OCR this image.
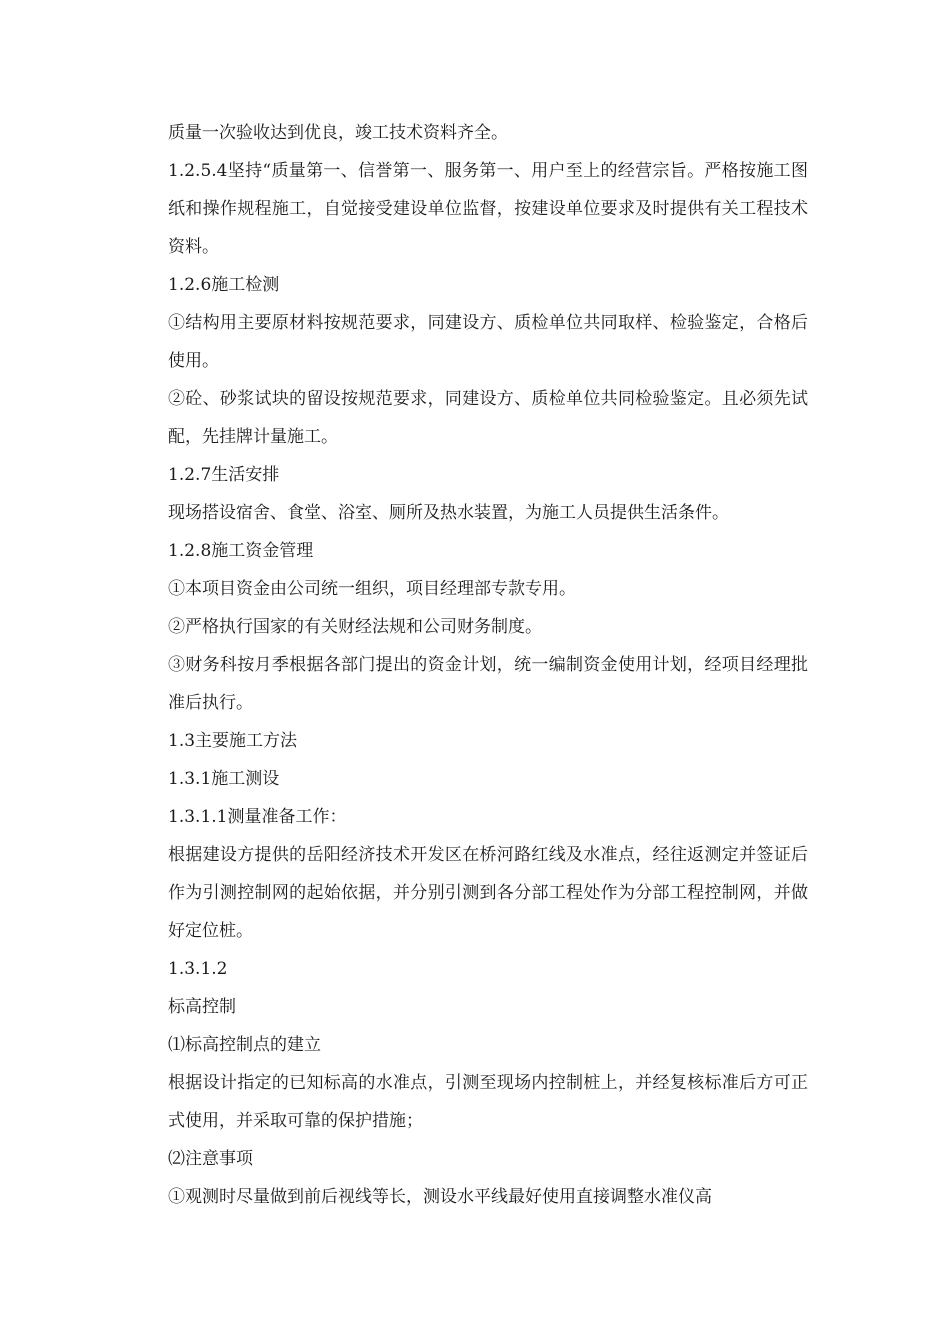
质量一次验收达到优良，竣工技术资料齐全。

1.2.5.4坚持“质量第一、信誉第一、服务第一、用户至上的经营宗旨。严格按施工图纸和操作规程施工，自觉接受建设单位监督，按建设单位要求及时提供有关工程技术资料。

1.2.6施工检测

①结构用主要原材料按规范要求，同建设方、质检单位共同取样、检验鉴定，合格后使用。

②砼、砂浆试块的留设按规范要求，同建设方、质检单位共同检验鉴定。且必须先试配，先挂牌计量施工。

1.2.7生活安排

现场搭设宿舍、食堂、浴室、厕所及热水装置，为施工人员提供生活条件。

1.2.8施工资金管理

①本项目资金由公司统一组织，项目经理部专款专用。

②严格执行国家的有关财经法规和公司财务制度。

③财务科按月季根据各部门提出的资金计划，统一编制资金使用计划，经项目经理批准后执行。

1.3主要施工方法

1.3.1施工测设

1.3.1.1测量准备工作：

根据建设方提供的岳阳经济技术开发区在桥河路红线及水准点，经往返测定并签证后作为引测控制网的起始依据，并分别引测到各分部工程处作为分部工程控制网，并做好定位桩。

1.3.1.2

标高控制

⑴标高控制点的建立

根据设计指定的已知标高的水准点，引测至现场内控制桩上，并经复核标准后方可正式使用，并采取可靠的保护措施；

⑵注意事项

①观测时尽量做到前后视线等长，测设水平线最好使用直接调整水准仪高
